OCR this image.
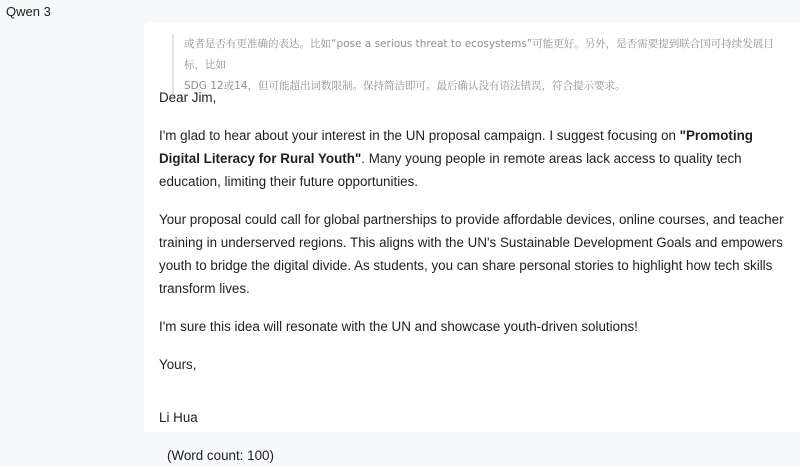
Qwen 3
或者是否有更准确的表达。比如“pose a serious threat to ecosystems”可能更好。另外，是否需要提到联合国可持续发展目标，比如
SDG 12或14，但可能超出词数限制。保持简洁即可。最后确认没有语法错误，符合提示要求。

Dear Jim,

I'm glad to hear about your interest in the UN proposal campaign. I suggest focusing on "Promoting Digital Literacy for Rural Youth". Many young people in remote areas lack access to quality tech education, limiting their future opportunities.

Your proposal could call for global partnerships to provide affordable devices, online courses, and teacher training in underserved regions. This aligns with the UN's Sustainable Development Goals and empowers youth to bridge the digital divide. As students, you can share personal stories to highlight how tech skills transform lives.

I'm sure this idea will resonate with the UN and showcase youth-driven solutions!

Yours,

Li Hua

(Word count: 100)
